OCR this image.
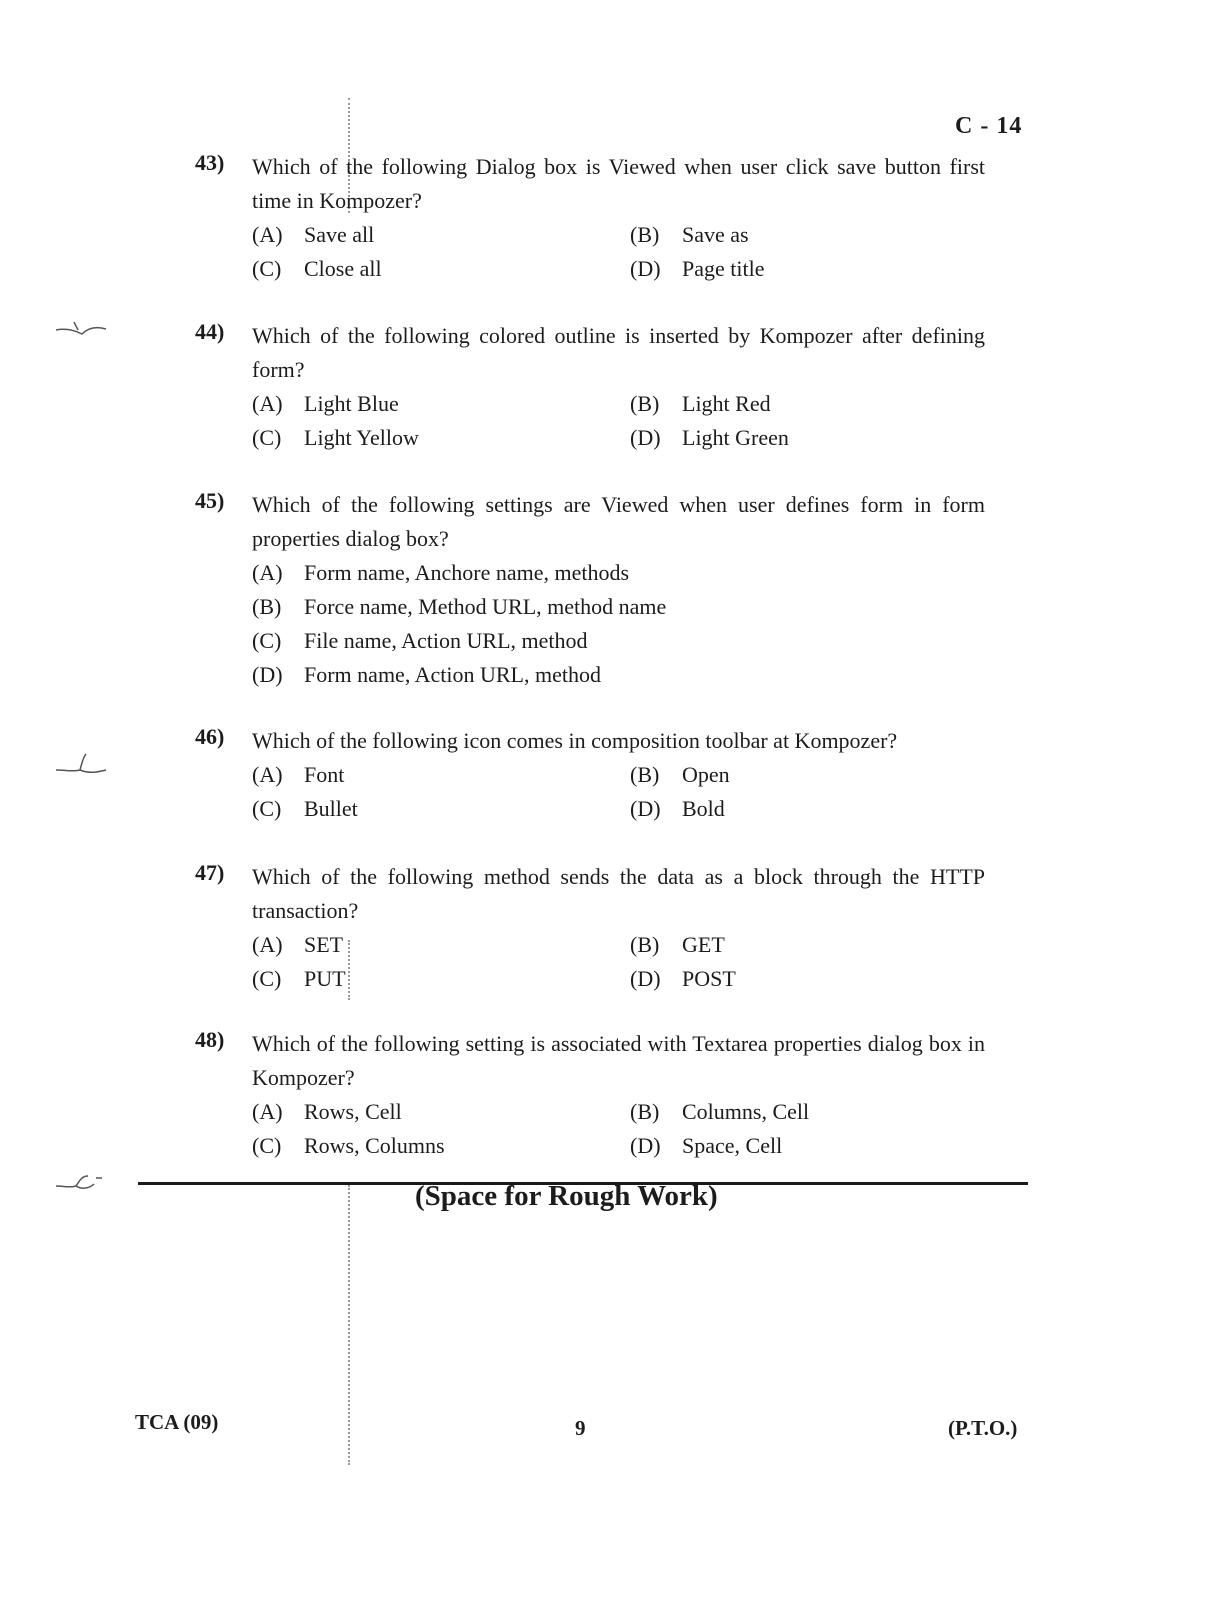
C - 14
43) Which of the following Dialog box is Viewed when user click save button first time in Kompozer?
(A) Save all	(B) Save as
(C) Close all	(D) Page title
44) Which of the following colored outline is inserted by Kompozer after defining form?
(A) Light Blue	(B) Light Red
(C) Light Yellow	(D) Light Green
45) Which of the following settings are Viewed when user defines form in form properties dialog box?
(A) Form name, Anchore name, methods
(B) Force name, Method URL, method name
(C) File name, Action URL, method
(D) Form name, Action URL, method
46) Which of the following icon comes in composition toolbar at Kompozer?
(A) Font	(B) Open
(C) Bullet	(D) Bold
47) Which of the following method sends the data as a block through the HTTP transaction?
(A) SET	(B) GET
(C) PUT	(D) POST
48) Which of the following setting is associated with Textarea properties dialog box in Kompozer?
(A) Rows, Cell	(B) Columns, Cell
(C) Rows, Columns	(D) Space, Cell
(Space for Rough Work)
TCA (09)	9	(P.T.O.)
